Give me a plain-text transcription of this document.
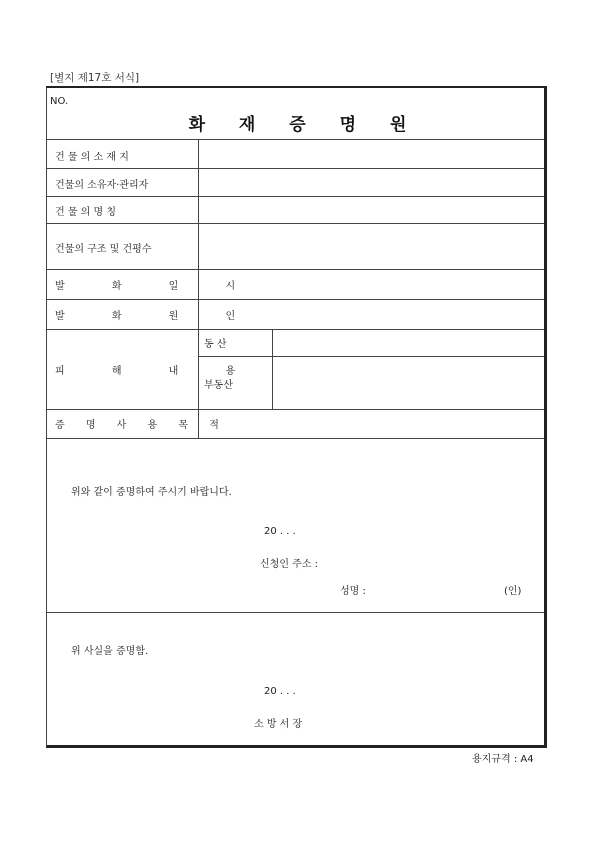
[별지 제17호 서식]
NO.
화 재 증 명 원
건 물 의 소 재 지
건물의 소유자·관리자
건 물 의 명 칭
건물의 구조 및 건평수
발 화 일 시
발 화 원 인
피 해 내 용
동 산
부동산
증 명 사 용 목 적
위와 같이 증명하여 주시기 바랍니다.
20 . . .
신청인 주소 :
성명 :	(인)
위 사실을 증명함.
20 . . .
소 방 서 장
용지규격 : A4
